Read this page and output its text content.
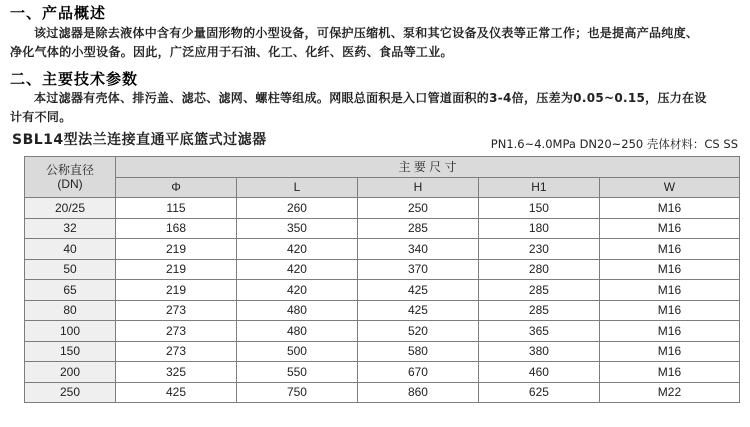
一、产品概述
该过滤器是除去液体中含有少量固形物的小型设备，可保护压缩机、泵和其它设备及仪表等正常工作；也是提高产品纯度、
净化气体的小型设备。因此，广泛应用于石油、化工、化纤、医药、食品等工业。
二、主要技术参数
本过滤器有壳体、排污盖、滤芯、滤网、螺柱等组成。网眼总面积是入口管道面积的3-4倍，压差为0.05~0.15，压力在设
计有不同。
SBL14型法兰连接直通平底篮式过滤器	PN1.6~4.0MPa DN20~250 壳体材料：CS SS
公称直径
(DN)	主 要 尺 寸				
	Φ	L	H	H1	W
20/25	115	260	250	150	M16
32	168	350	285	180	M16
40	219	420	340	230	M16
50	219	420	370	280	M16
65	219	420	425	285	M16
80	273	480	425	285	M16
100	273	480	520	365	M16
150	273	500	580	380	M16
200	325	550	670	460	M16
250	425	750	860	625	M22
